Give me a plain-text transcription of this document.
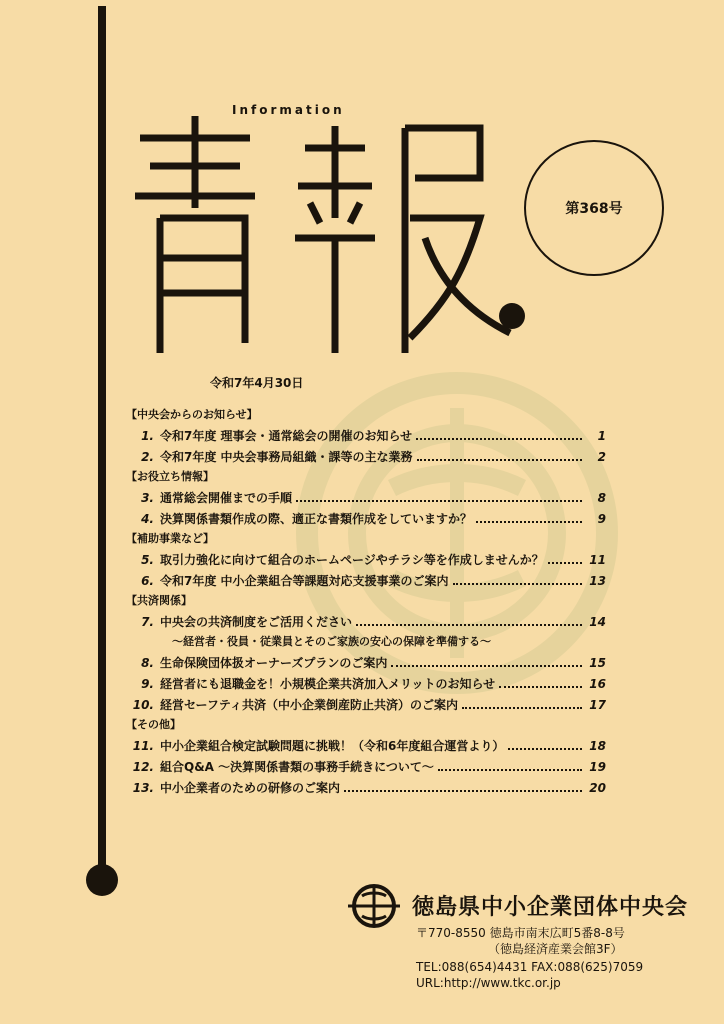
Information
第368号
令和7年4月30日
【中央会からのお知らせ】
1. 令和7年度 理事会・通常総会の開催のお知らせ	1
2. 令和7年度 中央会事務局組織・課等の主な業務	2
【お役立ち情報】
3. 通常総会開催までの手順	8
4. 決算関係書類作成の際、適正な書類作成をしていますか？	9
【補助事業など】
5. 取引力強化に向けて組合のホームページやチラシ等を作成しませんか？	11
6. 令和7年度 中小企業組合等課題対応支援事業のご案内	13
【共済関係】
7. 中央会の共済制度をご活用ください	14
～経営者・役員・従業員とそのご家族の安心の保障を準備する～
8. 生命保険団体扱オーナーズプランのご案内	15
9. 経営者にも退職金を！小規模企業共済加入メリットのお知らせ	16
10. 経営セーフティ共済（中小企業倒産防止共済）のご案内	17
【その他】
11. 中小企業組合検定試験問題に挑戦！（令和6年度組合運営より）	18
12. 組合Q&A ～決算関係書類の事務手続きについて～	19
13. 中小企業者のための研修のご案内	20
徳島県中小企業団体中央会
〒770-8550 徳島市南末広町5番8-8号
（徳島経済産業会館3F）
TEL:088(654)4431 FAX:088(625)7059
URL:http://www.tkc.or.jp
